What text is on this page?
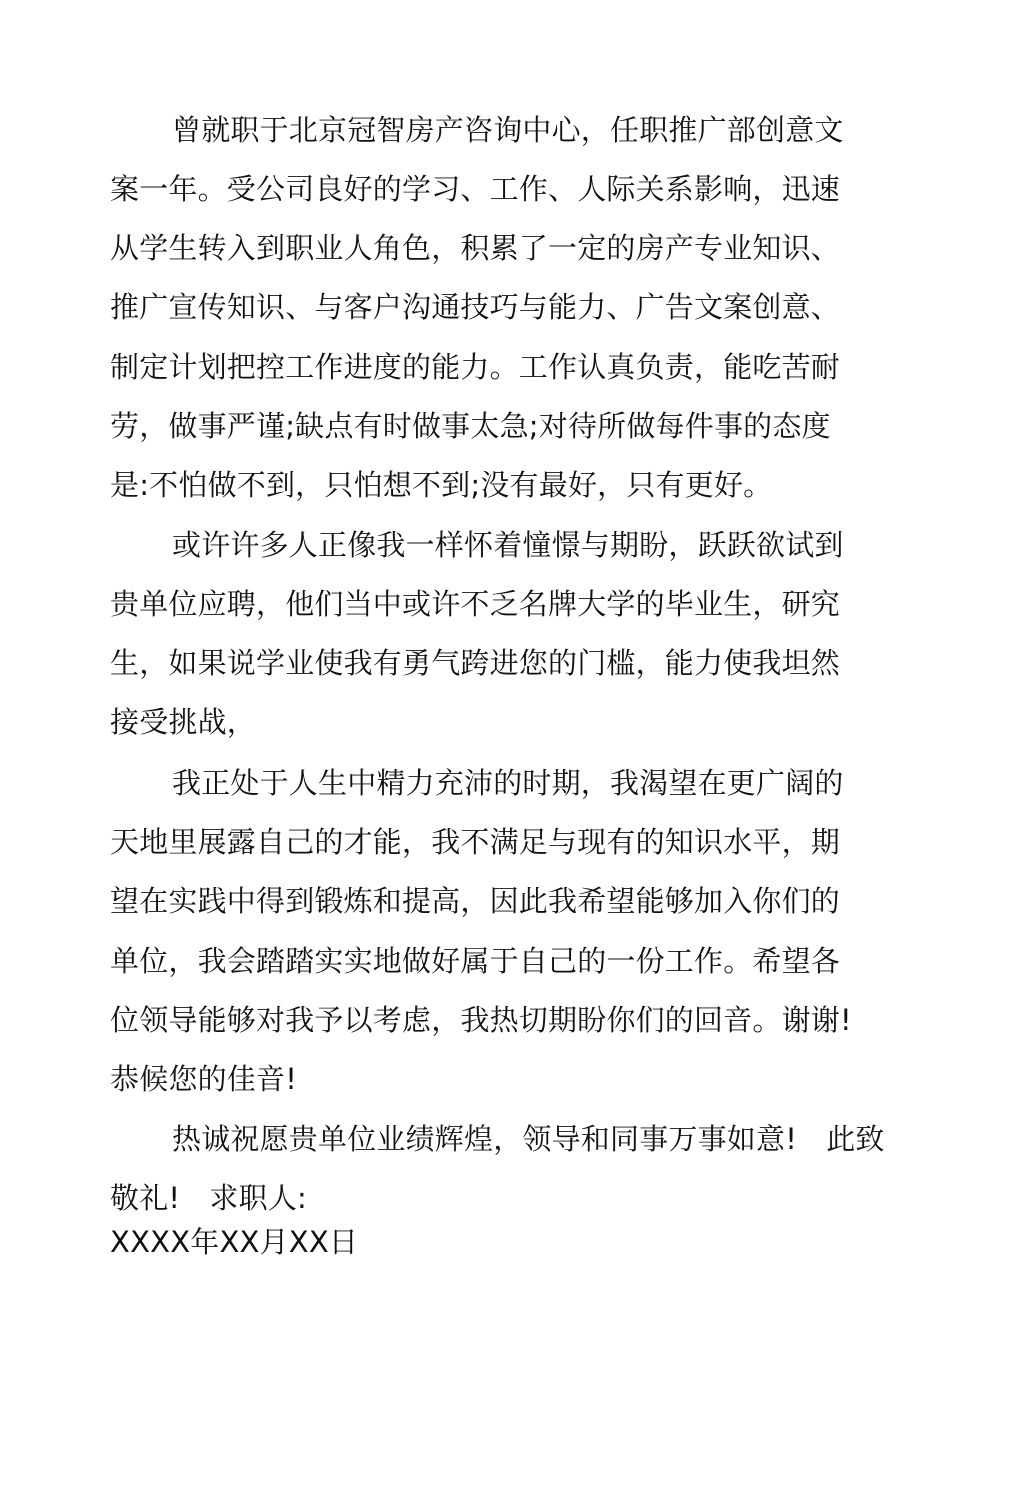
曾就职于北京冠智房产咨询中心，任职推广部创意文
案一年。受公司良好的学习、工作、人际关系影响，迅速
从学生转入到职业人角色，积累了一定的房产专业知识、
推广宣传知识、与客户沟通技巧与能力、广告文案创意、
制定计划把控工作进度的能力。工作认真负责，能吃苦耐
劳，做事严谨;缺点有时做事太急;对待所做每件事的态度
是:不怕做不到，只怕想不到;没有最好，只有更好。
或许许多人正像我一样怀着憧憬与期盼，跃跃欲试到
贵单位应聘，他们当中或许不乏名牌大学的毕业生，研究
生，如果说学业使我有勇气跨进您的门槛，能力使我坦然
接受挑战，
我正处于人生中精力充沛的时期，我渴望在更广阔的
天地里展露自己的才能，我不满足与现有的知识水平，期
望在实践中得到锻炼和提高，因此我希望能够加入你们的
单位，我会踏踏实实地做好属于自己的一份工作。希望各
位领导能够对我予以考虑，我热切期盼你们的回音。谢谢!
恭候您的佳音!
热诚祝愿贵单位业绩辉煌，领导和同事万事如意!　此致
敬礼!　求职人:
XXXX年XX月XX日
